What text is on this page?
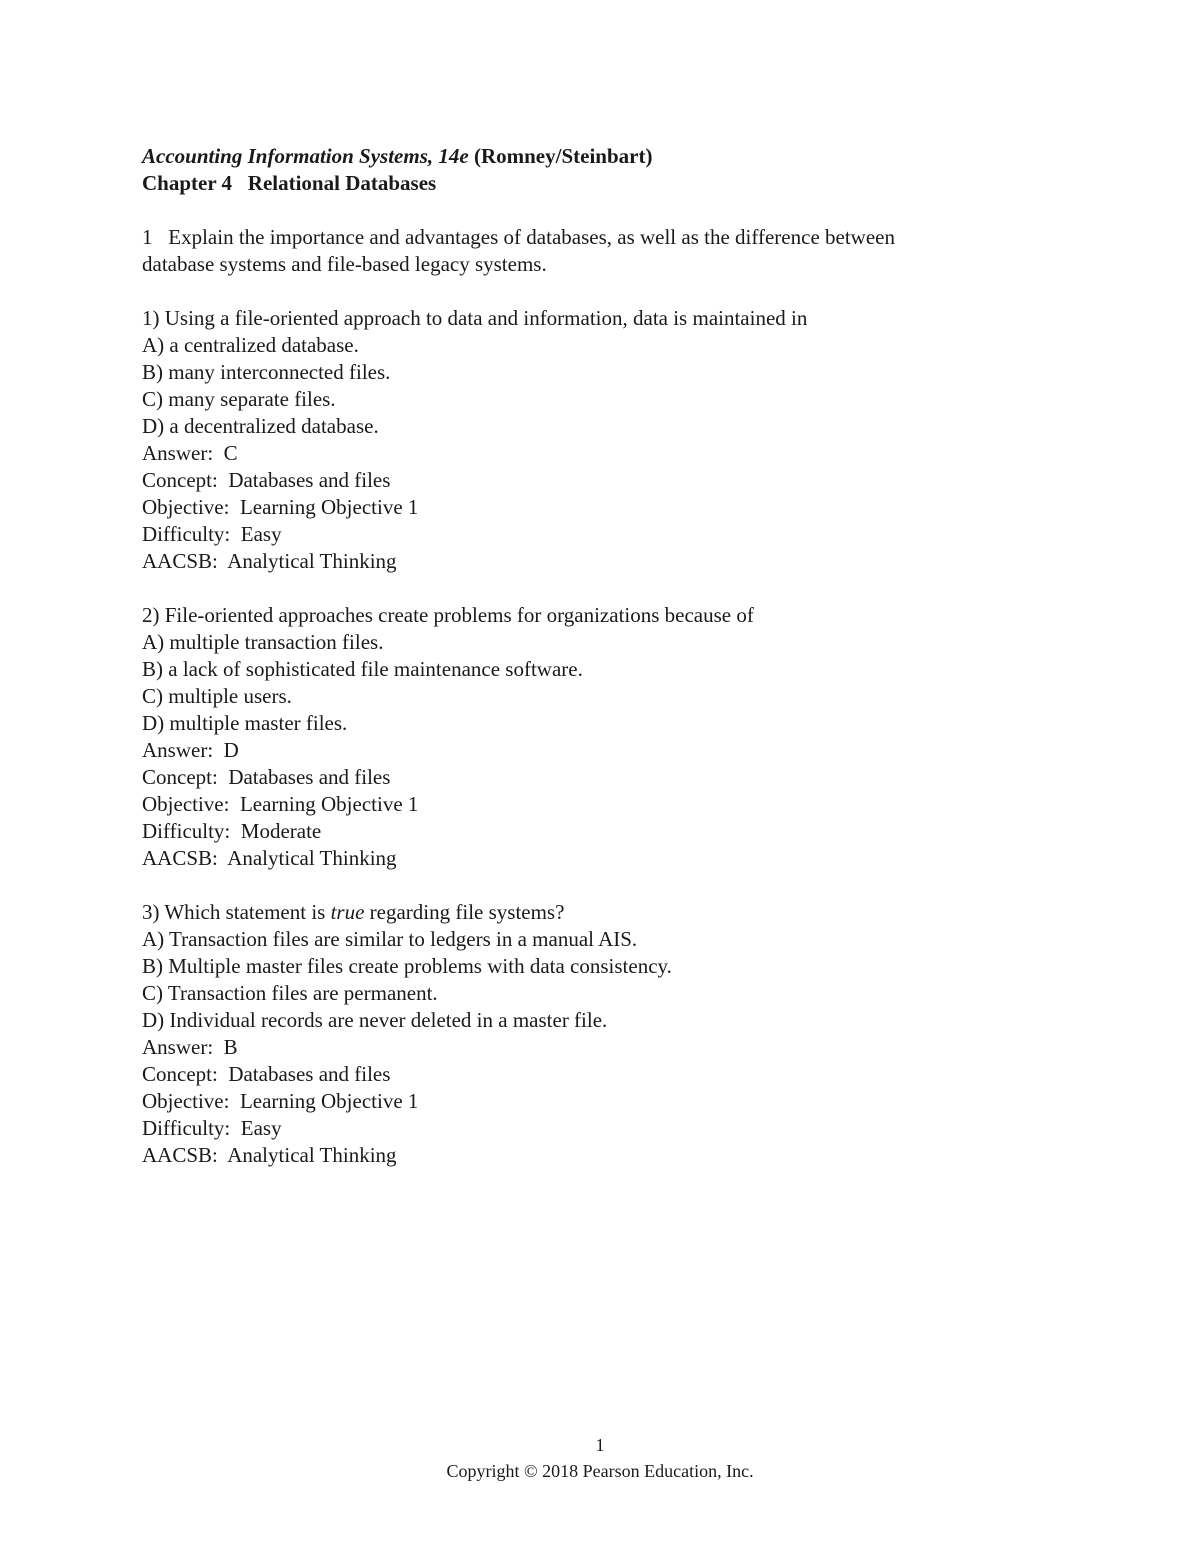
Accounting Information Systems, 14e (Romney/Steinbart)
Chapter 4   Relational Databases
1   Explain the importance and advantages of databases, as well as the difference between
database systems and file-based legacy systems.
1) Using a file-oriented approach to data and information, data is maintained in
A) a centralized database.
B) many interconnected files.
C) many separate files.
D) a decentralized database.
Answer:  C
Concept:  Databases and files
Objective:  Learning Objective 1
Difficulty:  Easy
AACSB:  Analytical Thinking
2) File-oriented approaches create problems for organizations because of
A) multiple transaction files.
B) a lack of sophisticated file maintenance software.
C) multiple users.
D) multiple master files.
Answer:  D
Concept:  Databases and files
Objective:  Learning Objective 1
Difficulty:  Moderate
AACSB:  Analytical Thinking
3) Which statement is true regarding file systems?
A) Transaction files are similar to ledgers in a manual AIS.
B) Multiple master files create problems with data consistency.
C) Transaction files are permanent.
D) Individual records are never deleted in a master file.
Answer:  B
Concept:  Databases and files
Objective:  Learning Objective 1
Difficulty:  Easy
AACSB:  Analytical Thinking
1
Copyright © 2018 Pearson Education, Inc.
